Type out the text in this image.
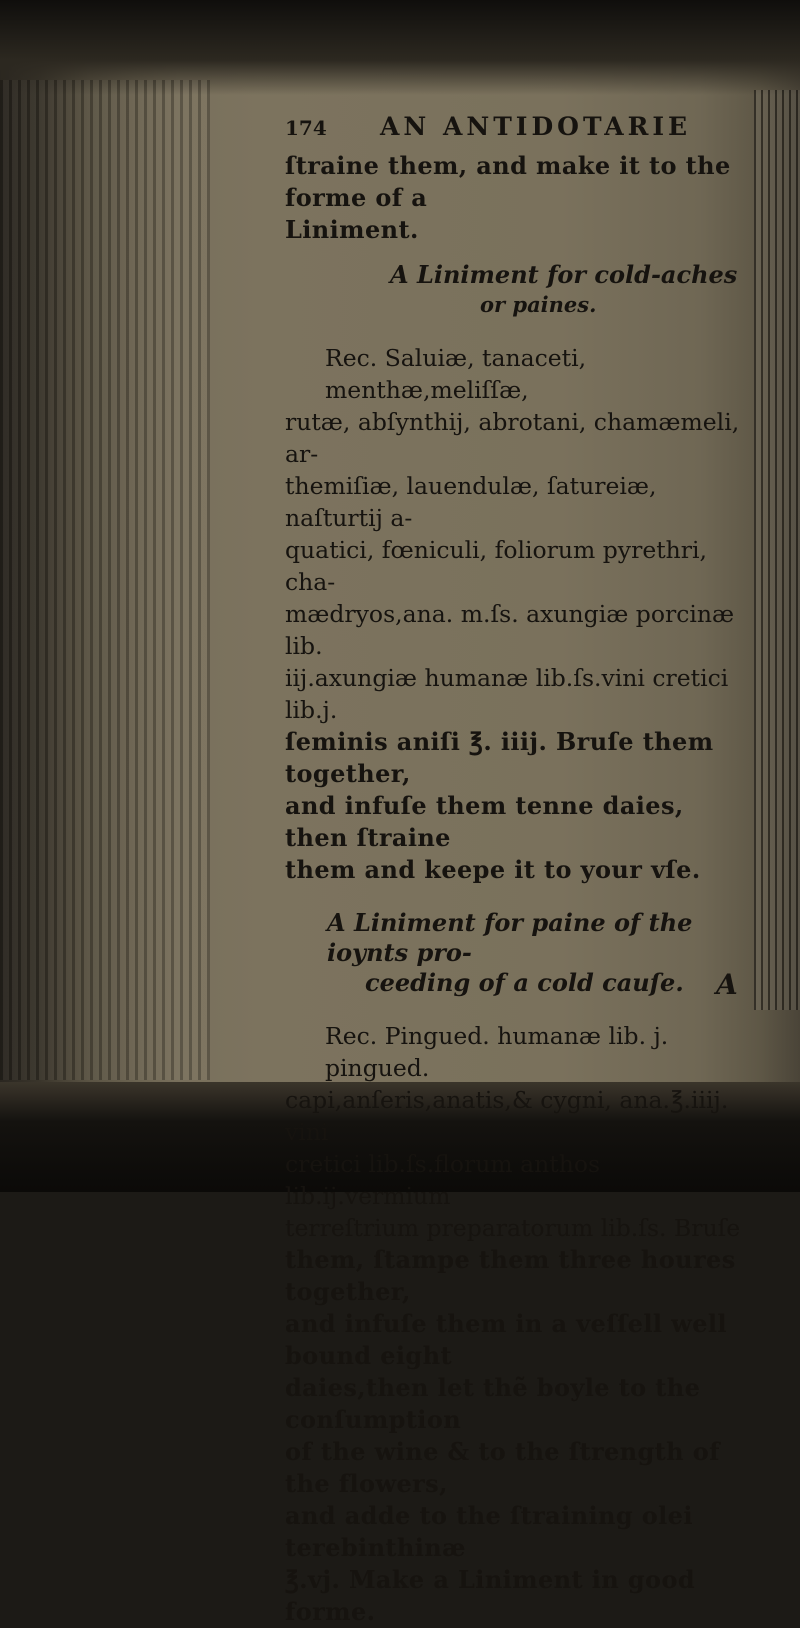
174	AN ANTIDOTARIE

ſtraine them, and make it to the forme of a

Liniment.

A Liniment for cold-aches

or paines.

Rec. Saluiæ, tanaceti, menthæ,meliſſæ,

rutæ, abſynthij, abrotani, chamæmeli, ar-

themiſiæ, lauendulæ, ſatureiæ, naſturtij a-

quatici, fœniculi, foliorum pyrethri, cha-

mædryos,ana. m.ſs. axungiæ porcinæ lib.

iij.axungiæ humanæ lib.ſs.vini cretici lib.j.

ſeminis aniſi ℥. iiij. Bruſe them together,

and infuſe them tenne daies, then ſtraine

them and keepe it to your vſe.

A Liniment for paine of the ioynts pro-

ceeding of a cold cauſe.

Rec. Pingued. humanæ lib. j. pingued.

capi,anſeris,anatis,& cygni, ana.℥.iiij. vini

cretici lib.ſs.florum anthos lib.ij.vermium

terreſtrium preparatorum lib.ſs. Bruſe

them, ſtampe them three houres together,

and infuſe them in a veſſell well bound eight

daies,then let thẽ boyle to the conſumption

of the wine & to the ſtrength of the flowers,

and adde to the ſtraining olei terebinthinæ

℥.vj. Make a Liniment in good forme.

A
